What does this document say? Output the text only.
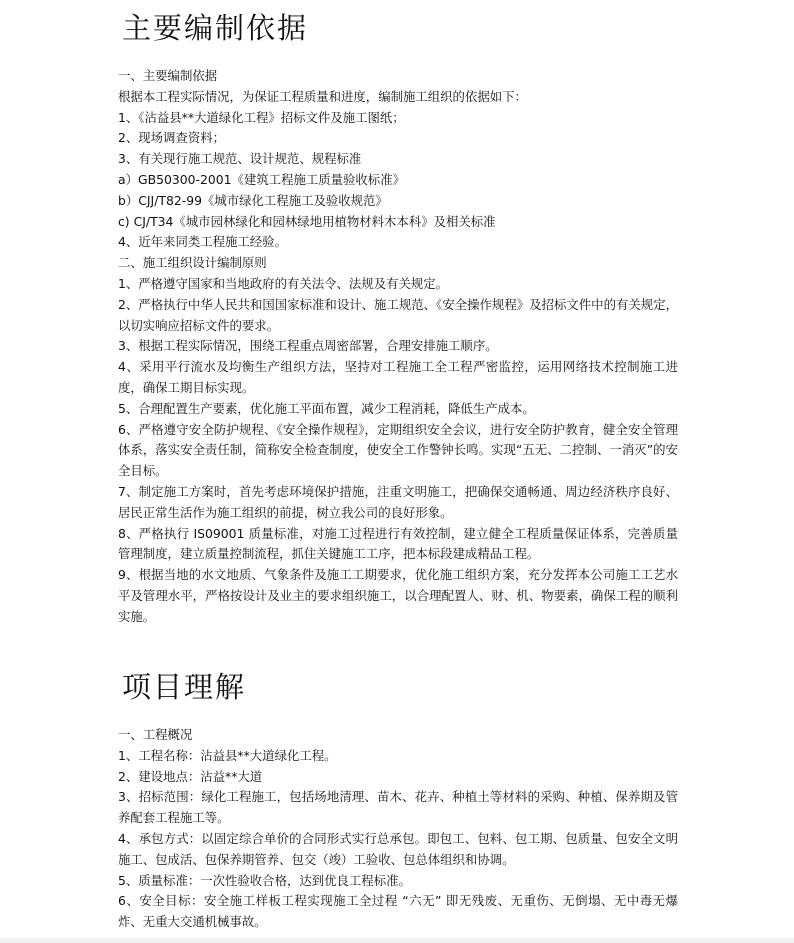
主要编制依据

一、主要编制依据

根据本工程实际情况，为保证工程质量和进度，编制施工组织的依据如下：

1、《沾益县**大道绿化工程》招标文件及施工图纸；

2、现场调查资料；

3、有关现行施工规范、设计规范、规程标准

a）GB50300-2001《建筑工程施工质量验收标准》

b）CJJ/T82-99《城市绿化工程施工及验收规范》

c) CJ/T34《城市园林绿化和园林绿地用植物材料木本科》及相关标准

4、近年来同类工程施工经验。

二、施工组织设计编制原则

1、严格遵守国家和当地政府的有关法令、法规及有关规定。

2、严格执行中华人民共和国国家标准和设计、施工规范、《安全操作规程》及招标文件中的有关规定，以切实响应招标文件的要求。

3、根据工程实际情况，围绕工程重点周密部署，合理安排施工顺序。

4、采用平行流水及均衡生产组织方法，坚持对工程施工全工程严密监控，运用网络技术控制施工进度，确保工期目标实现。

5、合理配置生产要素，优化施工平面布置，减少工程消耗，降低生产成本。

6、严格遵守安全防护规程、《安全操作规程》，定期组织安全会议，进行安全防护教育，健全安全管理体系，落实安全责任制，简称安全检查制度，使安全工作警钟长鸣。实现“五无、二控制、一消灭”的安全目标。

7、制定施工方案时，首先考虑环境保护措施，注重文明施工，把确保交通畅通、周边经济秩序良好、居民正常生活作为施工组织的前提，树立我公司的良好形象。

8、严格执行 IS09001 质量标准，对施工过程进行有效控制，建立健全工程质量保证体系，完善质量管理制度，建立质量控制流程，抓住关键施工工序，把本标段建成精品工程。

9、根据当地的水文地质、气象条件及施工工期要求，优化施工组织方案，充分发挥本公司施工工艺水平及管理水平，严格按设计及业主的要求组织施工，以合理配置人、财、机、物要素，确保工程的顺利实施。

项目理解

一、工程概况

1、工程名称：沾益县**大道绿化工程。

2、建设地点：沾益**大道

3、招标范围：绿化工程施工，包括场地清理、苗木、花卉、种植土等材料的采购、种植、保养期及管养配套工程施工等。

4、承包方式：以固定综合单价的合同形式实行总承包。即包工、包料、包工期、包质量、包安全文明施工、包成活、包保养期管养、包交（竣）工验收、包总体组织和协调。

5、质量标准：一次性验收合格，达到优良工程标准。

6、安全目标：安全施工样板工程实现施工全过程 “六无” 即无残废、无重伤、无倒塌、无中毒无爆炸、无重大交通机械事故。
